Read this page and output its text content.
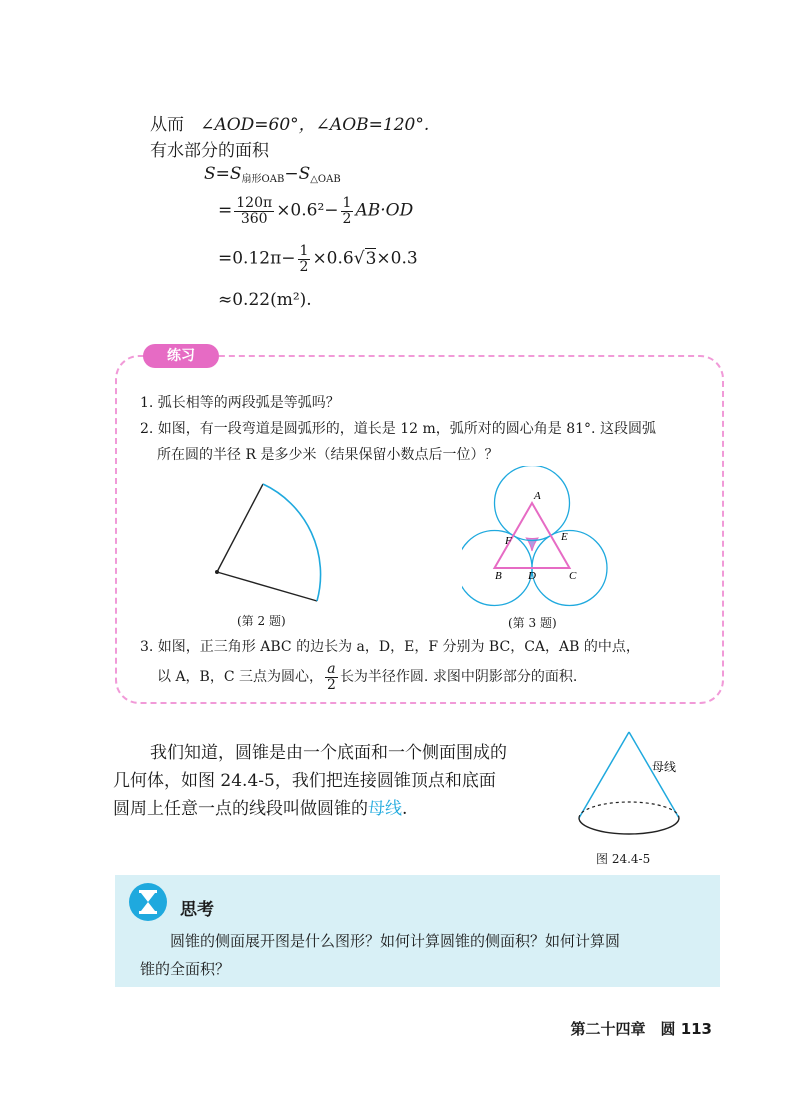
从而 ∠AOD=60°，∠AOB=120°.
有水部分的面积
$S=S_{扇形OAB}-S_{\triangle OAB}$
= $\frac{120\pi}{360} \times 0.6^2- \frac{1}{2} AB\cdot OD$
$=0.12\pi- \frac{1}{2} \times 0.6√3\times 0.3$
≈0.22(m²).
练习
1. 弧长相等的两段弧是等弧吗？
2. 如图，有一段弯道是圆弧形的，道长是 12 m，弧所对的圆心角是 81°. 这段圆弧
所在圆的半径 R 是多少米（结果保留小数点后一位）？
(第 2 题)
A
B	C
D
E
F
(第 3 题)
3. 如图，正三角形 ABC 的边长为 a，D，E，F 分别为 BC，CA，AB 的中点，
以 A，B，C 三点为圆心， $\frac{a}{2}$ 长为半径作圆. 求图中阴影部分的面积.
我们知道，圆锥是由一个底面和一个侧面围成的
几何体，如图 24.4-5，我们把连接圆锥顶点和底面
圆周上任意一点的线段叫做圆锥的母线.
母线
图 24.4-5
思考
圆锥的侧面展开图是什么图形？如何计算圆锥的侧面积？如何计算圆
锥的全面积？
第二十四章　圆 113
